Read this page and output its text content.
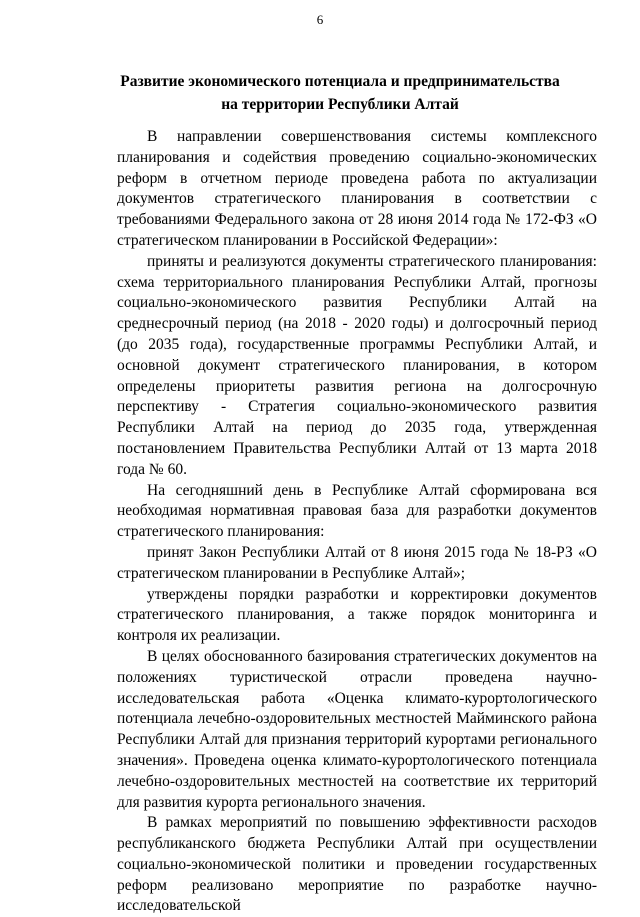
6
Развитие экономического потенциала и предпринимательства
на территории Республики Алтай

В направлении совершенствования системы комплексного планирования и содействия проведению социально-экономических реформ в отчетном периоде проведена работа по актуализации документов стратегического планирования в соответствии с требованиями Федерального закона от 28 июня 2014 года № 172-ФЗ «О стратегическом планировании в Российской Федерации»:

приняты и реализуются документы стратегического планирования: схема территориального планирования Республики Алтай, прогнозы социально-экономического развития Республики Алтай на среднесрочный период (на 2018 - 2020 годы) и долгосрочный период (до 2035 года), государственные программы Республики Алтай, и основной документ стратегического планирования, в котором определены приоритеты развития региона на долгосрочную перспективу - Стратегия социально-экономического развития Республики Алтай на период до 2035 года, утвержденная постановлением Правительства Республики Алтай от 13 марта 2018 года № 60.

На сегодняшний день в Республике Алтай сформирована вся необходимая нормативная правовая база для разработки документов стратегического планирования:

принят Закон Республики Алтай от 8 июня 2015 года № 18-РЗ «О стратегическом планировании в Республике Алтай»;

утверждены порядки разработки и корректировки документов стратегического планирования, а также порядок мониторинга и контроля их реализации.

В целях обоснованного базирования стратегических документов на положениях туристической отрасли проведена научно-исследовательская работа «Оценка климато-курортологического потенциала лечебно-оздоровительных местностей Майминского района Республики Алтай для признания территорий курортами регионального значения». Проведена оценка климато-курортологического потенциала лечебно-оздоровительных местностей на соответствие их территорий для развития курорта регионального значения.

В рамках мероприятий по повышению эффективности расходов республиканского бюджета Республики Алтай при осуществлении социально-экономической политики и проведении государственных реформ реализовано мероприятие по разработке научно-исследовательской
